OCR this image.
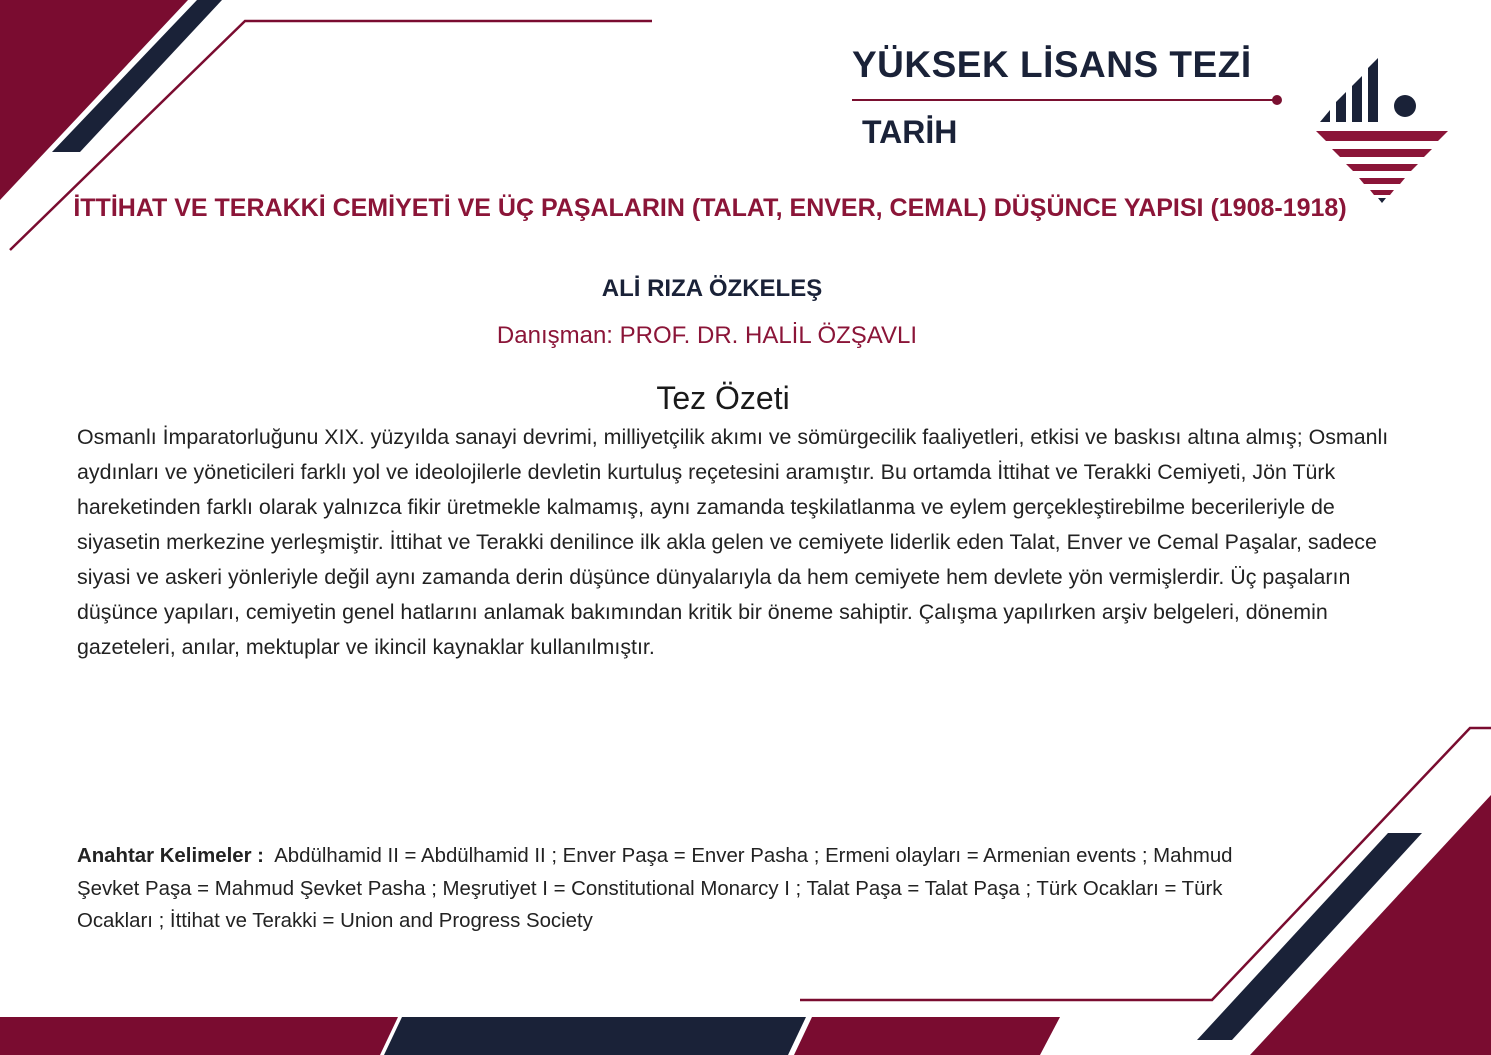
YÜKSEK LİSANS TEZİ
TARİH
İTTİHAT VE TERAKKİ CEMİYETİ VE ÜÇ PAŞALARIN (TALAT, ENVER, CEMAL) DÜŞÜNCE YAPISI (1908-1918)
ALİ RIZA ÖZKELEŞ
Danışman: PROF. DR. HALİL ÖZŞAVLI
Tez Özeti
Osmanlı İmparatorluğunu XIX. yüzyılda sanayi devrimi, milliyetçilik akımı ve sömürgecilik faaliyetleri, etkisi ve baskısı altına almış; Osmanlı aydınları ve yöneticileri farklı yol ve ideolojilerle devletin kurtuluş reçetesini aramıştır. Bu ortamda İttihat ve Terakki Cemiyeti, Jön Türk hareketinden farklı olarak yalnızca fikir üretmekle kalmamış, aynı zamanda teşkilatlanma ve eylem gerçekleştirebilme becerileriyle de siyasetin merkezine yerleşmiştir. İttihat ve Terakki denilince ilk akla gelen ve cemiyete liderlik eden Talat, Enver ve Cemal Paşalar, sadece siyasi ve askeri yönleriyle değil aynı zamanda derin düşünce dünyalarıyla da hem cemiyete hem devlete yön vermişlerdir. Üç paşaların düşünce yapıları, cemiyetin genel hatlarını anlamak bakımından kritik bir öneme sahiptir. Çalışma yapılırken arşiv belgeleri, dönemin gazeteleri, anılar, mektuplar ve ikincil kaynaklar kullanılmıştır.
Anahtar Kelimeler : Abdülhamid II = Abdülhamid II ; Enver Paşa = Enver Pasha ; Ermeni olayları = Armenian events ; Mahmud Şevket Paşa = Mahmud Şevket Pasha ; Meşrutiyet I = Constitutional Monarcy I ; Talat Paşa = Talat Paşa ; Türk Ocakları = Türk Ocakları ; İttihat ve Terakki = Union and Progress Society
